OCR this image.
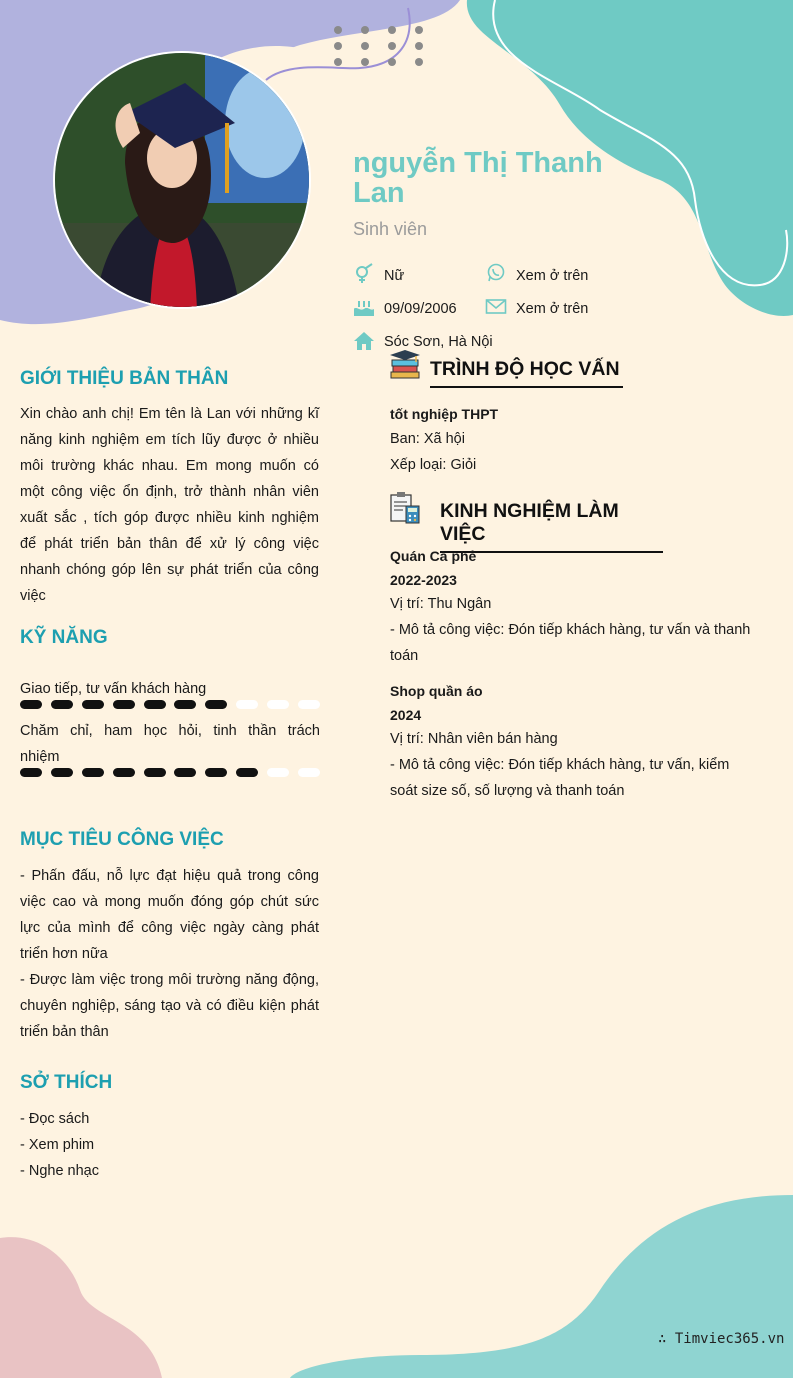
nguyễn Thị Thanh Lan
Sinh viên
Nữ
09/09/2006
Sóc Sơn, Hà Nội
Xem ở trên
Xem ở trên
GIỚI THIỆU BẢN THÂN
Xin chào anh chị! Em tên là Lan với những kĩ
năng kinh nghiệm em tích lũy được ở nhiều
môi trường khác nhau. Em mong muốn có
một công việc ổn định, trở thành nhân viên
xuất sắc , tích góp được nhiều kinh nghiệm
để phát triển bản thân để xử lý công việc
nhanh chóng góp lên sự phát triển của công
việc
KỸ NĂNG
Giao tiếp, tư vấn khách hàng
Chăm chỉ, ham học hỏi, tinh thần trách
nhiệm
MỤC TIÊU CÔNG VIỆC
- Phấn đấu, nỗ lực đạt hiệu quả trong công
việc cao và mong muốn đóng góp chút sức
lực của mình để công việc ngày càng phát
triển hơn nữa
- Được làm việc trong môi trường năng động,
chuyên nghiệp, sáng tạo và có điều kiện phát
triển bản thân
SỞ THÍCH
- Đọc sách
- Xem phim
- Nghe nhạc
TRÌNH ĐỘ HỌC VẤN
tốt nghiệp THPT
Ban: Xã hội
Xếp loại: Giỏi
KINH NGHIỆM LÀM VIỆC
Quán Cà phê
2022-2023
Vị trí: Thu Ngân
- Mô tả công việc: Đón tiếp khách hàng, tư vấn và thanh
toán
Shop quần áo
2024
Vị trí: Nhân viên bán hàng
- Mô tả công việc: Đón tiếp khách hàng, tư vấn, kiểm
soát size số, số lượng và thanh toán
∴ Timviec365.vn
